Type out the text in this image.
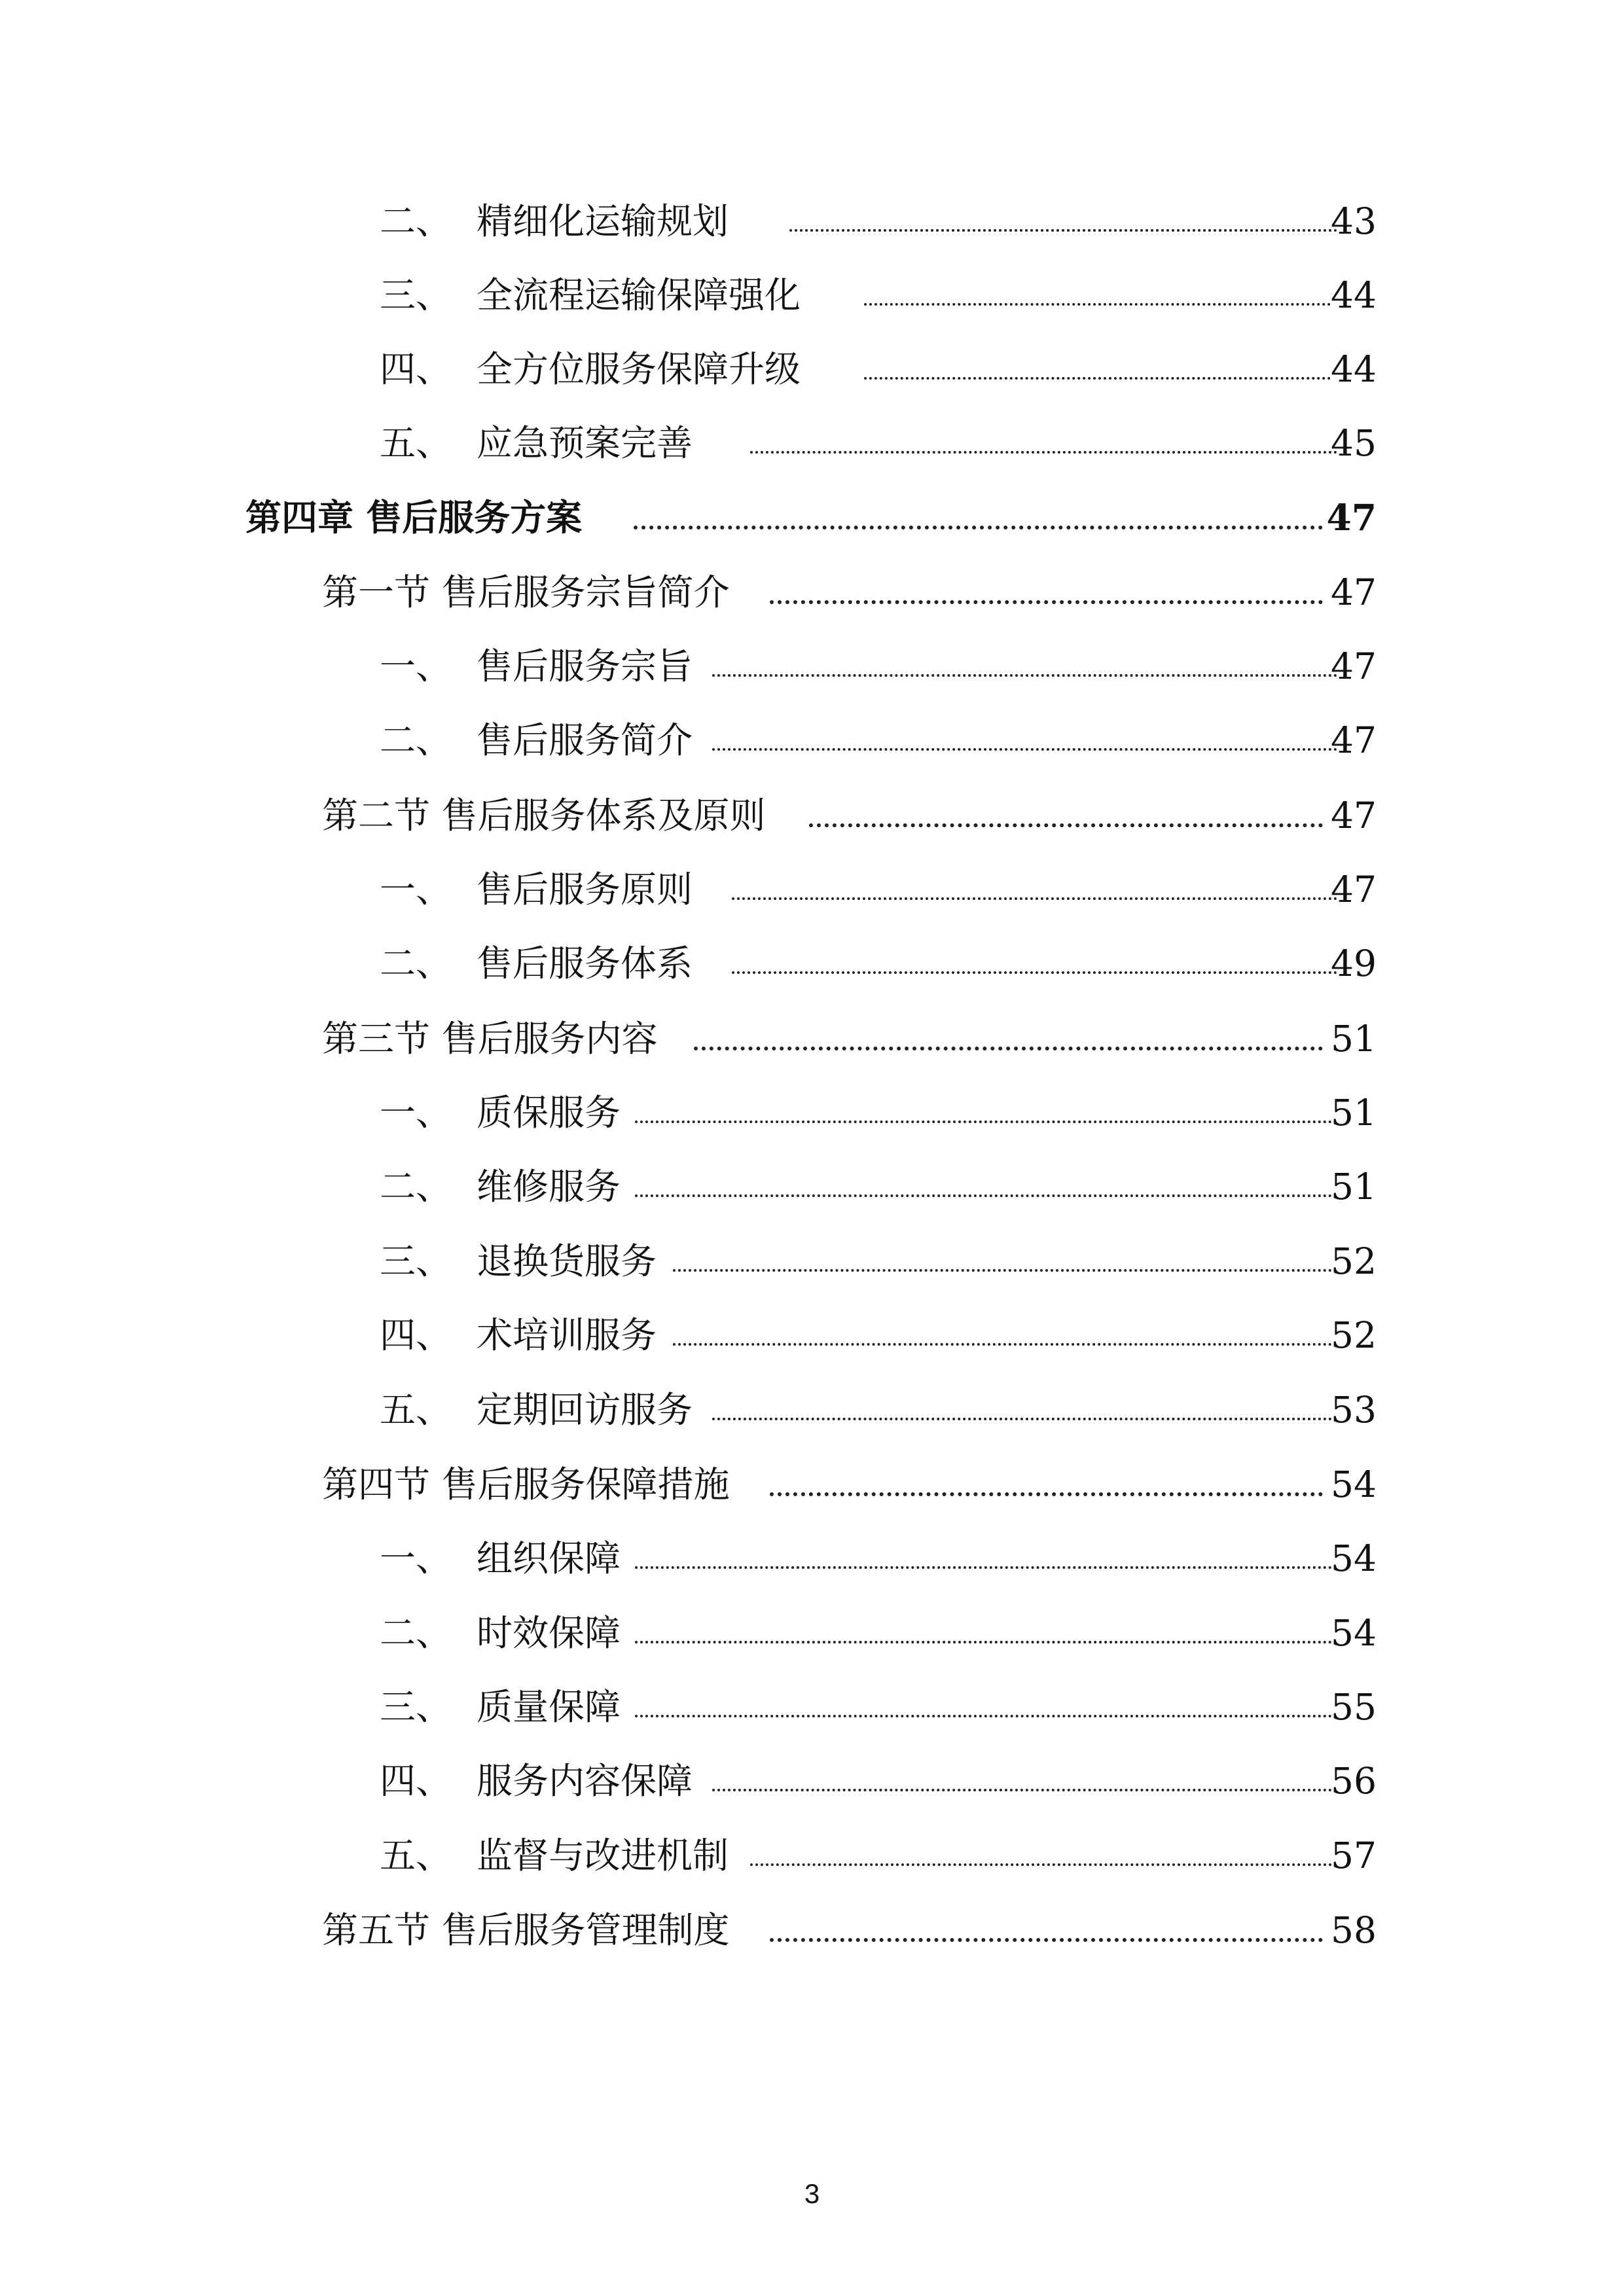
二、 精细化运输规划	43
三、 全流程运输保障强化	44
四、 全方位服务保障升级	44
五、 应急预案完善	45
第四章 售后服务方案	47
第一节 售后服务宗旨简介	47
一、 售后服务宗旨	47
二、 售后服务简介	47
第二节 售后服务体系及原则	47
一、 售后服务原则	47
二、 售后服务体系	49
第三节 售后服务内容	51
一、 质保服务	51
二、 维修服务	51
三、 退换货服务	52
四、 术培训服务	52
五、 定期回访服务	53
第四节 售后服务保障措施	54
一、 组织保障	54
二、 时效保障	54
三、 质量保障	55
四、 服务内容保障	56
五、 监督与改进机制	57
第五节 售后服务管理制度	58
3
